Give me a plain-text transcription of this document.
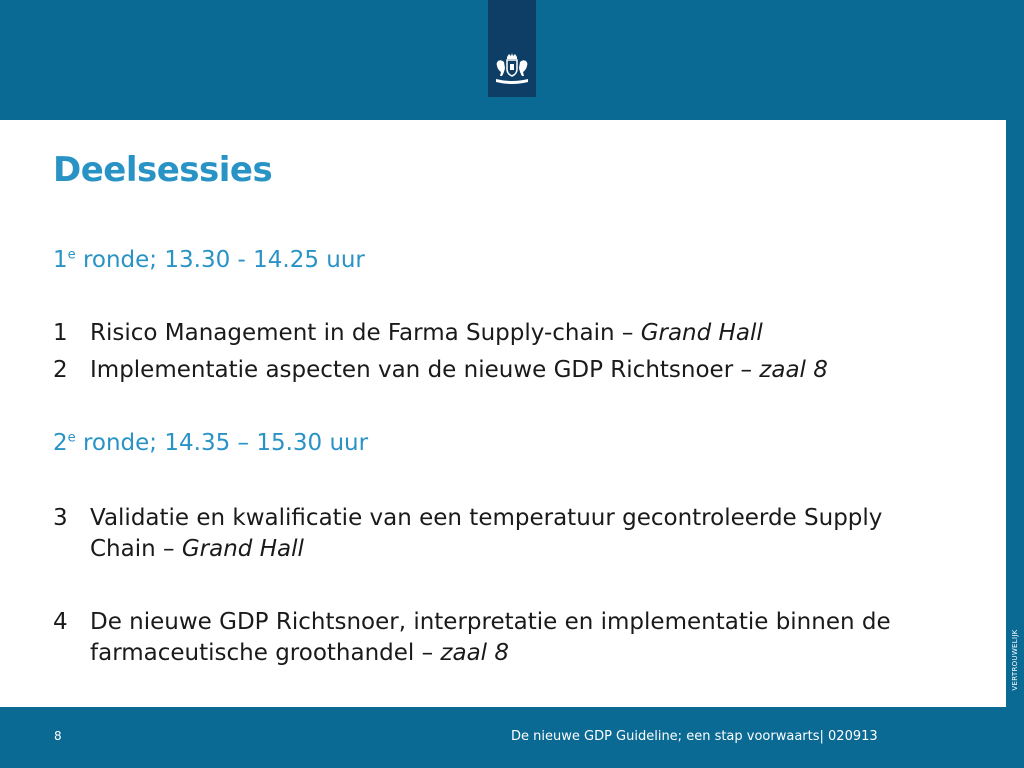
VERTROUWELIJK
Deelsessies
1e ronde; 13.30 - 14.25 uur
1 Risico Management in de Farma Supply-chain – Grand Hall
2 Implementatie aspecten van de nieuwe GDP Richtsnoer – zaal 8
2e ronde; 14.35 – 15.30 uur
3 Validatie en kwalificatie van een temperatuur gecontroleerde Supply Chain – Grand Hall
4 De nieuwe GDP Richtsnoer, interpretatie en implementatie binnen de farmaceutische groothandel – zaal 8
8	De nieuwe GDP Guideline; een stap voorwaarts| 020913
